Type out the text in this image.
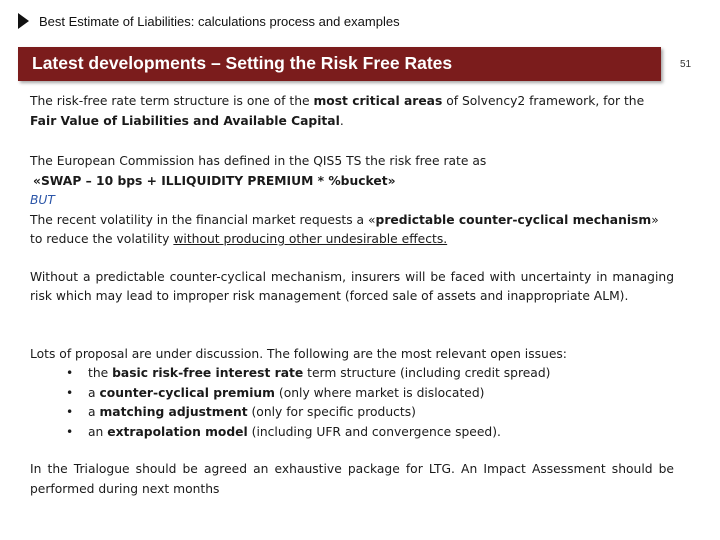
Best Estimate of Liabilities: calculations process and examples
Latest developments – Setting the Risk Free Rates	51

The risk-free rate term structure is one of the most critical areas of Solvency2 framework, for the Fair Value of Liabilities and Available Capital.

The European Commission has defined in the QIS5 TS the risk free rate as

«SWAP – 10 bps + ILLIQUIDITY PREMIUM * %bucket»

BUT

The recent volatility in the financial market requests a «predictable counter-cyclical mechanism» to reduce the volatility without producing other undesirable effects.

Without a predictable counter-cyclical mechanism, insurers will be faced with uncertainty in managing risk which may lead to improper risk management (forced sale of assets and inappropriate ALM).

Lots of proposal are under discussion. The following are the most relevant open issues:

• the basic risk-free interest rate term structure (including credit spread)
• a counter-cyclical premium (only where market is dislocated)
• a matching adjustment (only for specific products)
• an extrapolation model (including UFR and convergence speed).

In the Trialogue should be agreed an exhaustive package for LTG. An Impact Assessment should be performed during next months
